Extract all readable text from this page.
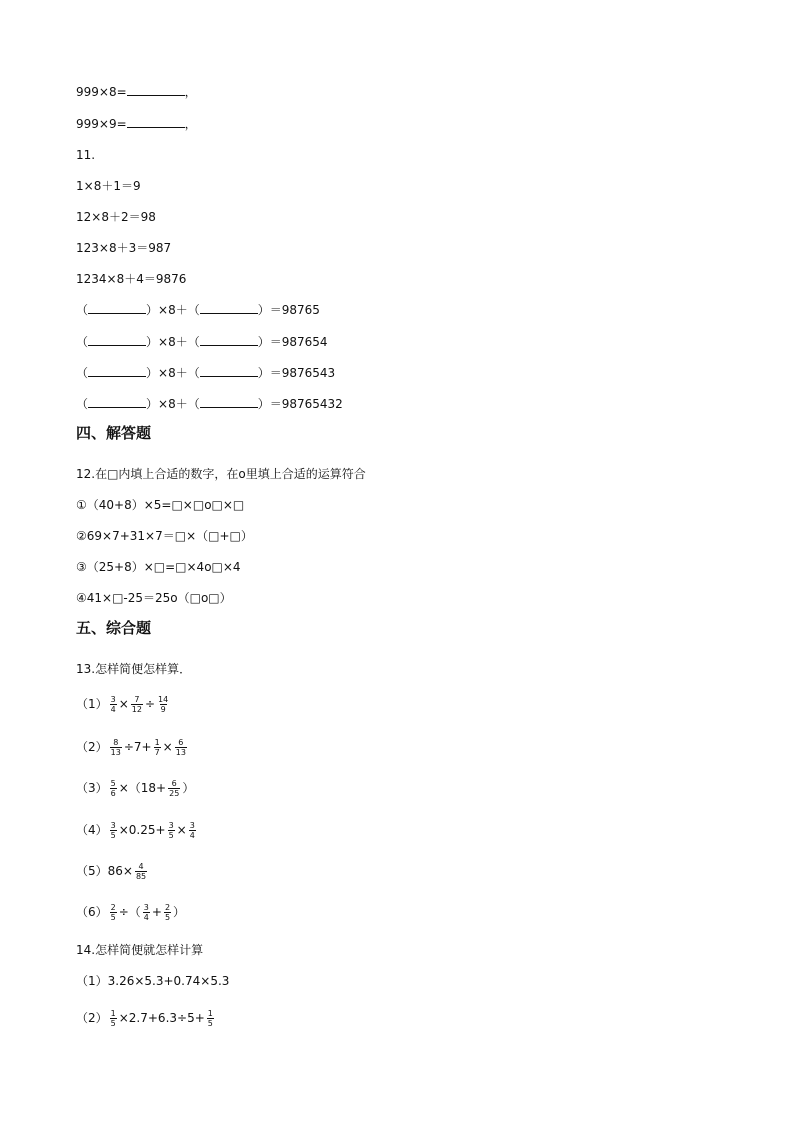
999×8=	，
999×9=	，
11.
1×8＋1＝9
12×8＋2＝98
123×8＋3＝987
1234×8＋4＝9876
（	）×8＋（	）＝98765
（	）×8＋（	）＝987654
（	）×8＋（	）＝9876543
（	）×8＋（	）＝98765432
四、解答题
12.在□内填上合适的数字，在o里填上合适的运算符合
①（40+8）×5=□×□o□×□
②69×7+31×7＝□×（□+□）
③（25+8）×□=□×4o□×4
④41×□-25＝25o（□o□）
五、综合题
13.怎样简便怎样算．
$(1) \frac{3}{4} \times \frac{7}{12} \div \frac{14}{9}$
$(2) \frac{8}{13} \div 7+ \frac{1}{7} \times \frac{6}{13}$
$(3) \frac{5}{6} \times(18+ \frac{6}{25}$ ）
$(4) \frac{3}{5} \times 0.25+ \frac{3}{5} \times \frac{3}{4}$
（5） $86\times \frac{4}{85}$
$(6) \frac{2}{5}$ ÷（ $\frac{3}{4} + \frac{2}{5}$ ）
14.怎样简便就怎样计算
（1）3.26×5.3+0.74×5.3
$(2) \frac{1}{5} \times 2.7+6.3\div 5+ \frac{1}{5}$
